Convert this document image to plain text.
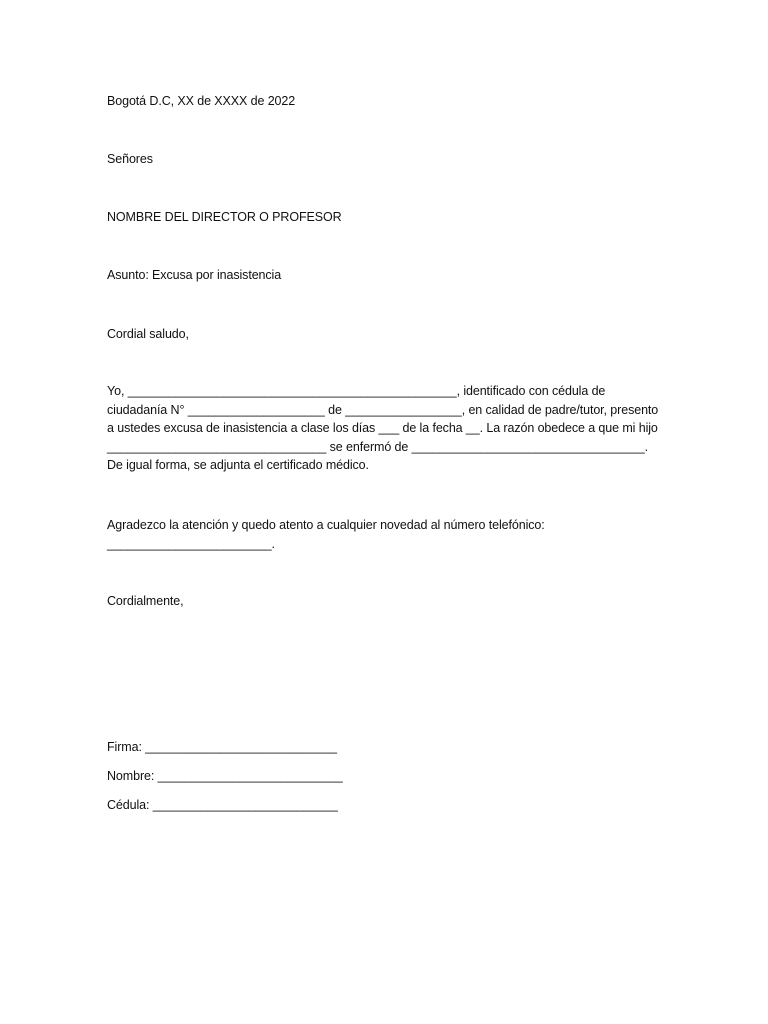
Bogotá D.C, XX de XXXX de 2022
Señores
NOMBRE DEL DIRECTOR O PROFESOR
Asunto: Excusa por inasistencia
Cordial saludo,
Yo, ________________________________________________, identificado con cédula de
ciudadanía N° ____________________ de _________________, en calidad de padre/tutor, presento
a ustedes excusa de inasistencia a clase los días ___ de la fecha __. La razón obedece a que mi hijo
________________________________ se enfermó de __________________________________.
De igual forma, se adjunta el certificado médico.
Agradezco la atención y quedo atento a cualquier novedad al número telefónico:
________________________.
Cordialmente,
Firma: ____________________________
Nombre: ___________________________
Cédula: ___________________________
